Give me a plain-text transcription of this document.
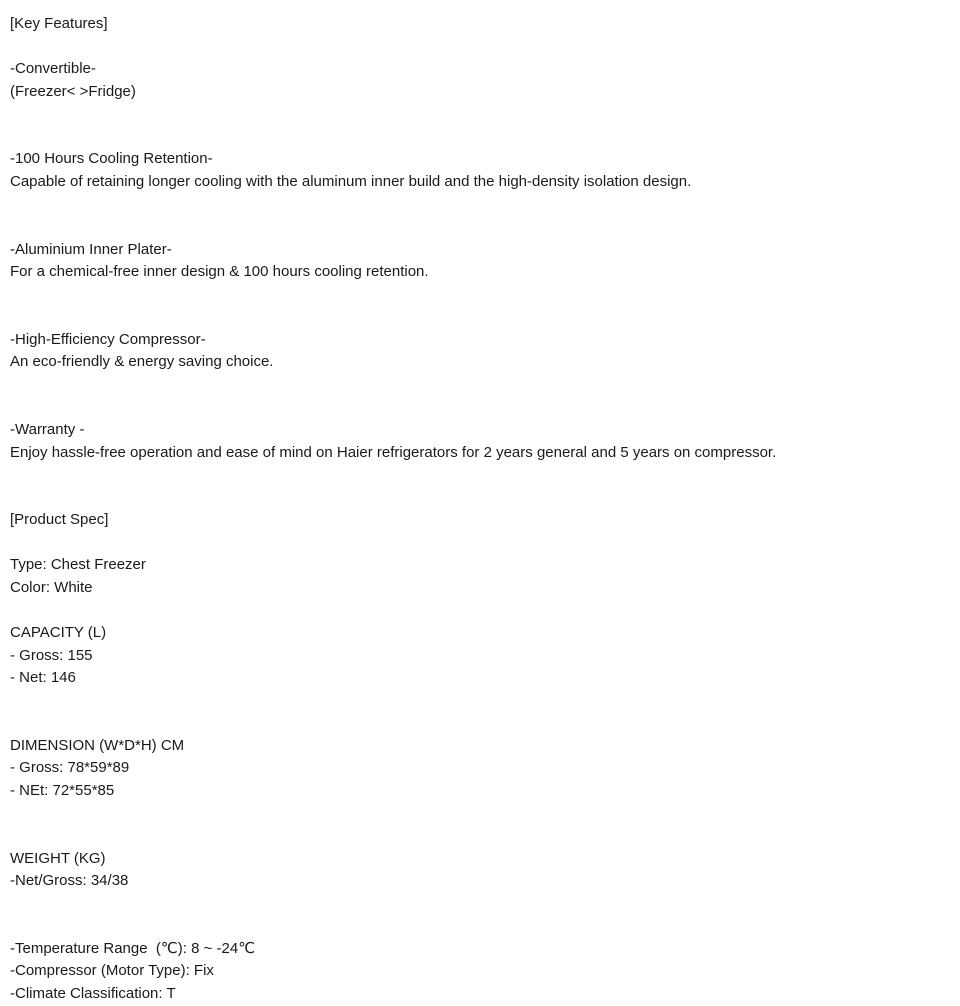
[Key Features]
-Convertible-
(Freezer< >Fridge)
-100 Hours Cooling Retention-
Capable of retaining longer cooling with the aluminum inner build and the high-density isolation design.
-Aluminium Inner Plater-
For a chemical-free inner design & 100 hours cooling retention.
-High-Efficiency Compressor-
An eco-friendly & energy saving choice.
-Warranty -
Enjoy hassle-free operation and ease of mind on Haier refrigerators for 2 years general and 5 years on compressor.
[Product Spec]
Type: Chest Freezer
Color: White
CAPACITY (L)
- Gross: 155
- Net: 146
DIMENSION (W*D*H) CM
- Gross: 78*59*89
- NEt: 72*55*85
WEIGHT (KG)
-Net/Gross: 34/38
-Temperature Range  (℃): 8 ~ -24℃
-Compressor (Motor Type): Fix
-Climate Classification: T
